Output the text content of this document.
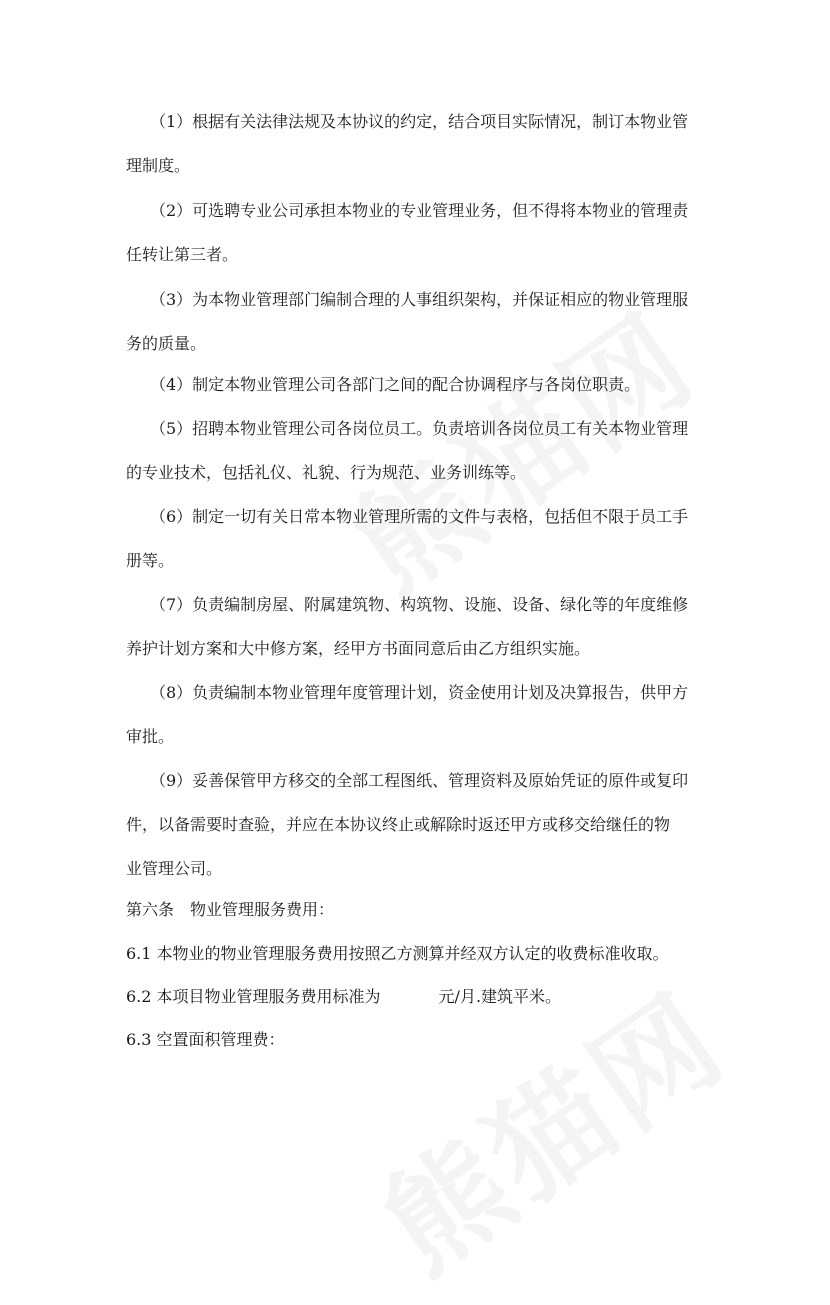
（1）根据有关法律法规及本协议的约定，结合项目实际情况，制订本物业管
理制度。
（2）可选聘专业公司承担本物业的专业管理业务，但不得将本物业的管理责
任转让第三者。
（3）为本物业管理部门编制合理的人事组织架构，并保证相应的物业管理服
务的质量。
（4）制定本物业管理公司各部门之间的配合协调程序与各岗位职责。
（5）招聘本物业管理公司各岗位员工。负责培训各岗位员工有关本物业管理
的专业技术，包括礼仪、礼貌、行为规范、业务训练等。
（6）制定一切有关日常本物业管理所需的文件与表格，包括但不限于员工手
册等。
（7）负责编制房屋、附属建筑物、构筑物、设施、设备、绿化等的年度维修
养护计划方案和大中修方案，经甲方书面同意后由乙方组织实施。
（8）负责编制本物业管理年度管理计划，资金使用计划及决算报告，供甲方
审批。
（9）妥善保管甲方移交的全部工程图纸、管理资料及原始凭证的原件或复印
件，以备需要时查验，并应在本协议终止或解除时返还甲方或移交给继任的物
业管理公司。
第六条　物业管理服务费用：
6.1 本物业的物业管理服务费用按照乙方测算并经双方认定的收费标准收取。
6.2 本项目物业管理服务费用标准为	元/月.建筑平米。
6.3 空置面积管理费：
